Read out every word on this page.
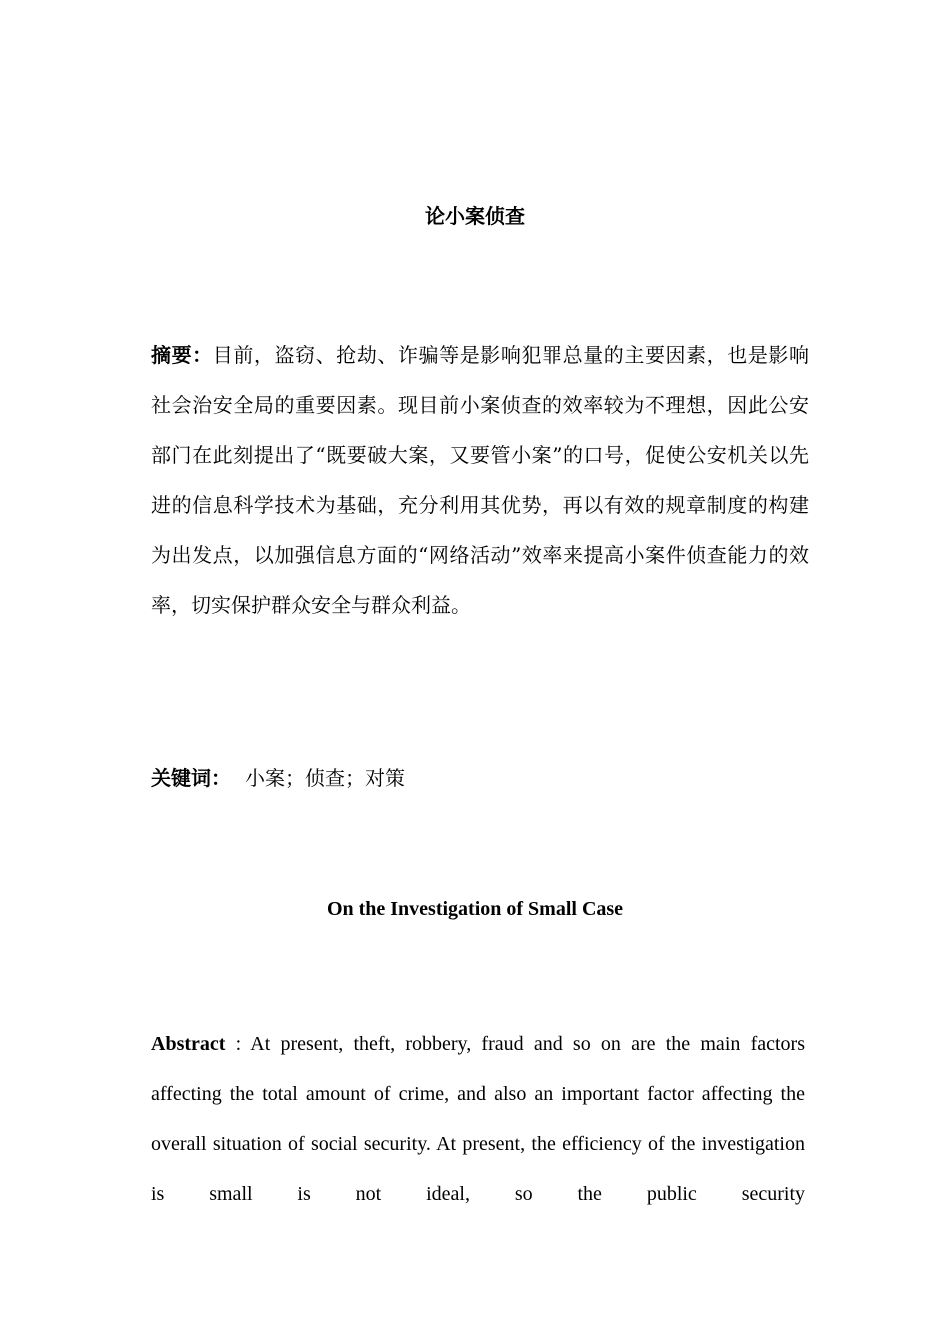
论小案侦查
摘要：目前，盗窃、抢劫、诈骗等是影响犯罪总量的主要因素，也是影响社会治安全局的重要因素。现目前小案侦查的效率较为不理想，因此公安部门在此刻提出了“既要破大案，又要管小案”的口号，促使公安机关以先进的信息科学技术为基础，充分利用其优势，再以有效的规章制度的构建为出发点，以加强信息方面的“网络活动”效率来提高小案件侦查能力的效率，切实保护群众安全与群众利益。
关键词： 小案；侦查；对策
On the Investigation of Small Case
Abstract : At present, theft, robbery, fraud and so on are the main factors affecting the total amount of crime, and also an important factor affecting the overall situation of social security. At present, the efficiency of the investigation is small is not ideal, so the public security
